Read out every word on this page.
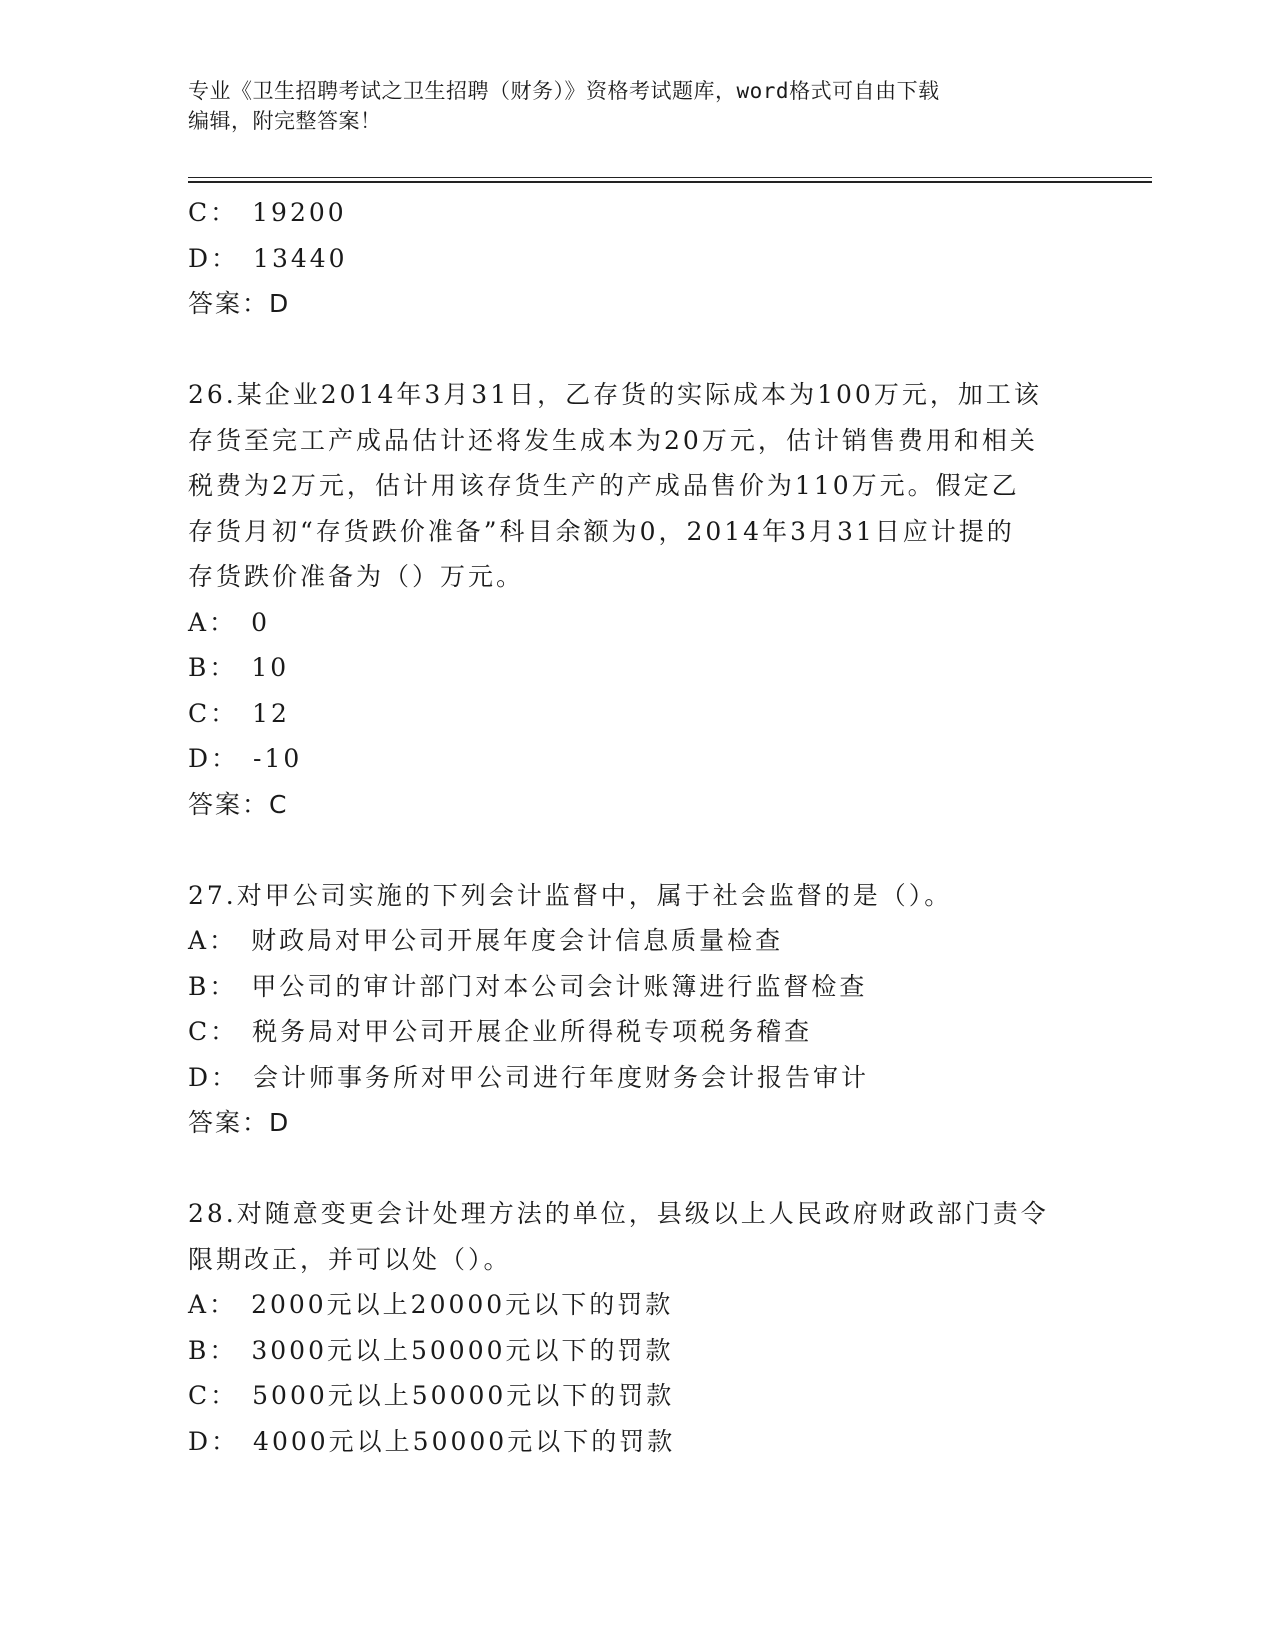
专业《卫生招聘考试之卫生招聘（财务）》资格考试题库，word格式可自由下载
编辑，附完整答案！
C： 19200
D： 13440
答案：D
26.某企业2014年3月31日，乙存货的实际成本为100万元，加工该
存货至完工产成品估计还将发生成本为20万元，估计销售费用和相关
税费为2万元，估计用该存货生产的产成品售价为110万元。假定乙
存货月初“存货跌价准备”科目余额为0，2014年3月31日应计提的
存货跌价准备为（）万元。
A： 0
B： 10
C： 12
D： -10
答案：C
27.对甲公司实施的下列会计监督中，属于社会监督的是（）。
A： 财政局对甲公司开展年度会计信息质量检查
B： 甲公司的审计部门对本公司会计账簿进行监督检查
C： 税务局对甲公司开展企业所得税专项税务稽查
D： 会计师事务所对甲公司进行年度财务会计报告审计
答案：D
28.对随意变更会计处理方法的单位，县级以上人民政府财政部门责令
限期改正，并可以处（）。
A： 2000元以上20000元以下的罚款
B： 3000元以上50000元以下的罚款
C： 5000元以上50000元以下的罚款
D： 4000元以上50000元以下的罚款
